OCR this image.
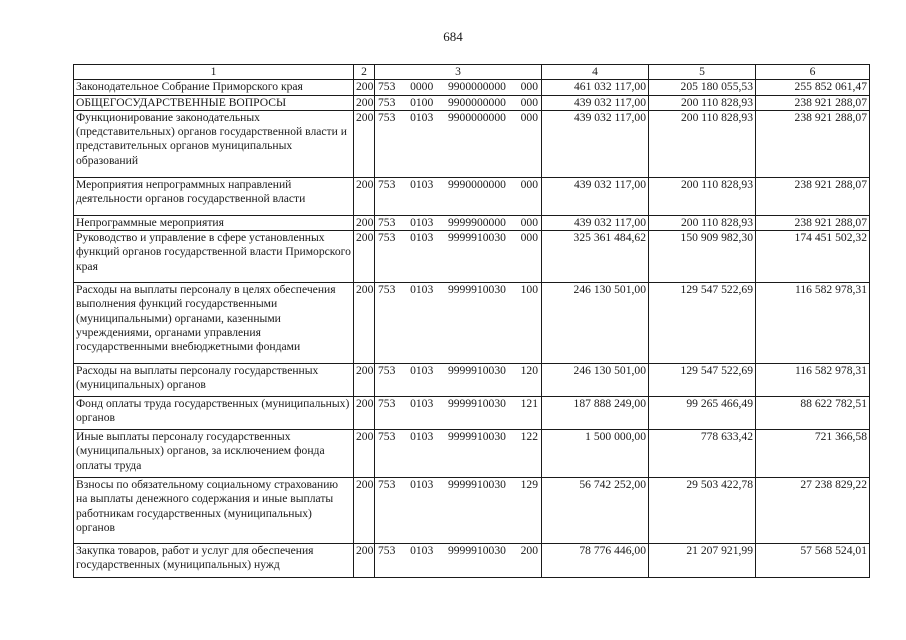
684
1	2	3	4	5	6
Законодательное Собрание Приморского края	200	753 0000 9900000000 000	461 032 117,00	205 180 055,53	255 852 061,47
ОБЩЕГОСУДАРСТВЕННЫЕ ВОПРОСЫ	200	753 0100 9900000000 000	439 032 117,00	200 110 828,93	238 921 288,07
Функционирование законодательных (представительных) органов государственной власти и представительных органов муниципальных образований	200	753 0103 9900000000 000	439 032 117,00	200 110 828,93	238 921 288,07
Мероприятия непрограммных направлений деятельности органов государственной власти	200	753 0103 9990000000 000	439 032 117,00	200 110 828,93	238 921 288,07
Непрограммные мероприятия	200	753 0103 9999900000 000	439 032 117,00	200 110 828,93	238 921 288,07
Руководство и управление в сфере установленных функций органов государственной власти Приморского края	200	753 0103 9999910030 000	325 361 484,62	150 909 982,30	174 451 502,32
Расходы на выплаты персоналу в целях обеспечения выполнения функций государственными (муниципальными) органами, казенными учреждениями, органами управления государственными внебюджетными фондами	200	753 0103 9999910030 100	246 130 501,00	129 547 522,69	116 582 978,31
Расходы на выплаты персоналу государственных (муниципальных) органов	200	753 0103 9999910030 120	246 130 501,00	129 547 522,69	116 582 978,31
Фонд оплаты труда государственных (муниципальных) органов	200	753 0103 9999910030 121	187 888 249,00	99 265 466,49	88 622 782,51
Иные выплаты персоналу государственных (муниципальных) органов, за исключением фонда оплаты труда	200	753 0103 9999910030 122	1 500 000,00	778 633,42	721 366,58
Взносы по обязательному социальному страхованию на выплаты денежного содержания и иные выплаты работникам государственных (муниципальных) органов	200	753 0103 9999910030 129	56 742 252,00	29 503 422,78	27 238 829,22
Закупка товаров, работ и услуг для обеспечения государственных (муниципальных) нужд	200	753 0103 9999910030 200	78 776 446,00	21 207 921,99	57 568 524,01
